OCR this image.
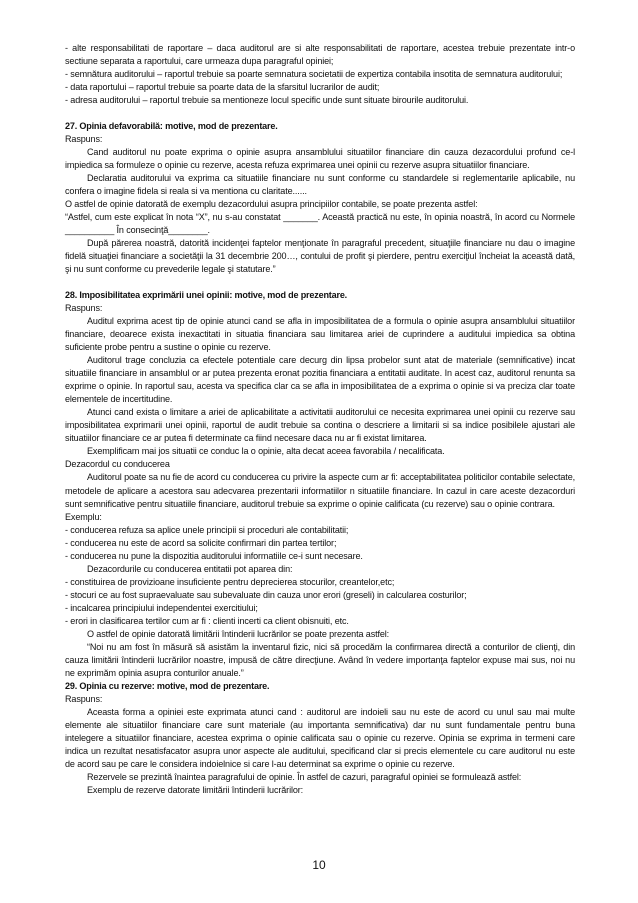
- alte responsabilitati de raportare – daca auditorul are si alte responsabilitati de raportare, acestea trebuie prezentate intr-o sectiune separata a raportului, care urmeaza dupa paragraful opiniei;

- semnătura auditorului – raportul trebuie sa poarte semnatura societatii de expertiza contabila insotita de semnatura auditorului;

- data raportului – raportul trebuie sa poarte data de la sfarsitul lucrarilor de audit;

- adresa auditorului – raportul trebuie sa mentioneze locul specific unde sunt situate birourile auditorului.

27. Opinia defavorabilă: motive, mod de prezentare.

Raspuns:

Cand auditorul nu poate exprima o opinie asupra ansamblului situatiilor financiare din cauza dezacordului profund ce-l impiedica sa formuleze o opinie cu rezerve, acesta refuza exprimarea unei opinii cu rezerve asupra situatiilor financiare.

Declaratia auditorului va exprima ca situatiile financiare nu sunt conforme cu standardele si reglementarile aplicabile, nu confera o imagine fidela si reala si va mentiona cu claritate......

O astfel de opinie datorată de exemplu dezacordului asupra principiilor contabile, se poate prezenta astfel:

“Astfel, cum este explicat în nota “X”, nu s-au constatat _______. Această practică nu este, în opinia noastră, în acord cu Normele __________ În consecinţă________.

După părerea noastră, datorită incidenţei faptelor menţionate în paragraful precedent, situaţiile financiare nu dau o imagine fidelă situaţiei financiare a societăţii la 31 decembrie 200…, contului de profit şi pierdere, pentru exerciţiul încheiat la această dată, şi nu sunt conforme cu prevederile legale şi statutare.”

28. Imposibilitatea exprimării unei opinii: motive, mod de prezentare.

Raspuns:

Auditul exprima acest tip de opinie atunci cand se afla in imposibilitatea de a formula o opinie asupra ansamblului situatiilor financiare, deoarece exista inexactitati in situatia financiara sau limitarea ariei de cuprindere a auditului impiedica sa obtina suficiente probe pentru a sustine o opinie cu rezerve.

Auditorul trage concluzia ca efectele potentiale care decurg din lipsa probelor sunt atat de materiale (semnificative) incat situatiile financiare in ansamblul or ar putea prezenta eronat pozitia financiara a entitatii auditate. In acest caz, auditorul renunta sa exprime o opinie. In raportul sau, acesta va specifica clar ca se afla in imposibilitatea de a exprima o opinie si va preciza clar toate elementele de incertitudine.

Atunci cand exista o limitare a ariei de aplicabilitate a activitatii auditorului ce necesita exprimarea unei opinii cu rezerve sau imposibilitatea exprimarii unei opinii, raportul de audit trebuie sa contina o descriere a limitarii si sa indice posibilele ajustari ale situatiilor financiare ce ar putea fi determinate ca fiind necesare daca nu ar fi existat limitarea.

Exemplificam mai jos situatii ce conduc la o opinie, alta decat aceea favorabila / necalificata.

Dezacordul cu conducerea

Auditorul poate sa nu fie de acord cu conducerea cu privire la aspecte cum ar fi: acceptabilitatea politicilor contabile selectate, metodele de aplicare a acestora sau adecvarea prezentarii informatiilor n situatiile financiare. In cazul in care aceste dezacorduri sunt semnificative pentru situatiile financiare, auditorul trebuie sa exprime o opinie calificata (cu rezerve) sau o opinie contrara.

Exemplu:

- conducerea refuza sa aplice unele principii si proceduri ale contabilitatii;

- conducerea nu este de acord sa solicite confirmari din partea tertilor;

- conducerea nu pune la dispozitia auditorului informatiile ce-i sunt necesare.

Dezacordurile cu conducerea entitatii pot aparea din:

- constituirea de provizioane insuficiente pentru deprecierea stocurilor, creantelor,etc;

- stocuri ce au fost supraevaluate sau subevaluate din cauza unor erori (greseli) in calcularea costurilor;

- incalcarea principiului independentei exercitiului;

- erori in clasificarea tertilor cum ar fi : clienti incerti ca client obisnuiti, etc.

O astfel de opinie datorată limitării întinderii lucrărilor se poate prezenta astfel:

“Noi nu am fost în măsură să asistăm la inventarul fizic, nici să procedăm la confirmarea directă a conturilor de clienţi, din cauza limitării întinderii lucrărilor noastre, impusă de către direcţiune. Având în vedere importanţa faptelor expuse mai sus, noi nu ne exprimăm opinia asupra conturilor anuale.”

29. Opinia cu rezerve: motive, mod de prezentare.

Raspuns:

Aceasta forma a opiniei este exprimata atunci cand : auditorul are indoieli sau nu este de acord cu unul sau mai multe elemente ale situatiilor financiare care sunt materiale (au importanta semnificativa) dar nu sunt fundamentale pentru buna intelegere a situatiilor financiare, acestea exprima o opinie calificata sau o opinie cu rezerve. Opinia se exprima in termeni care indica un rezultat nesatisfacator asupra unor aspecte ale auditului, specificand clar si precis elementele cu care auditorul nu este de acord sau pe care le considera indoielnice si care l-au determinat sa exprime o opinie cu rezerve.

Rezervele se prezintă înaintea paragrafului de opinie. În astfel de cazuri, paragraful opiniei se formulează astfel:

Exemplu de rezerve datorate limitării întinderii lucrărilor:

10
